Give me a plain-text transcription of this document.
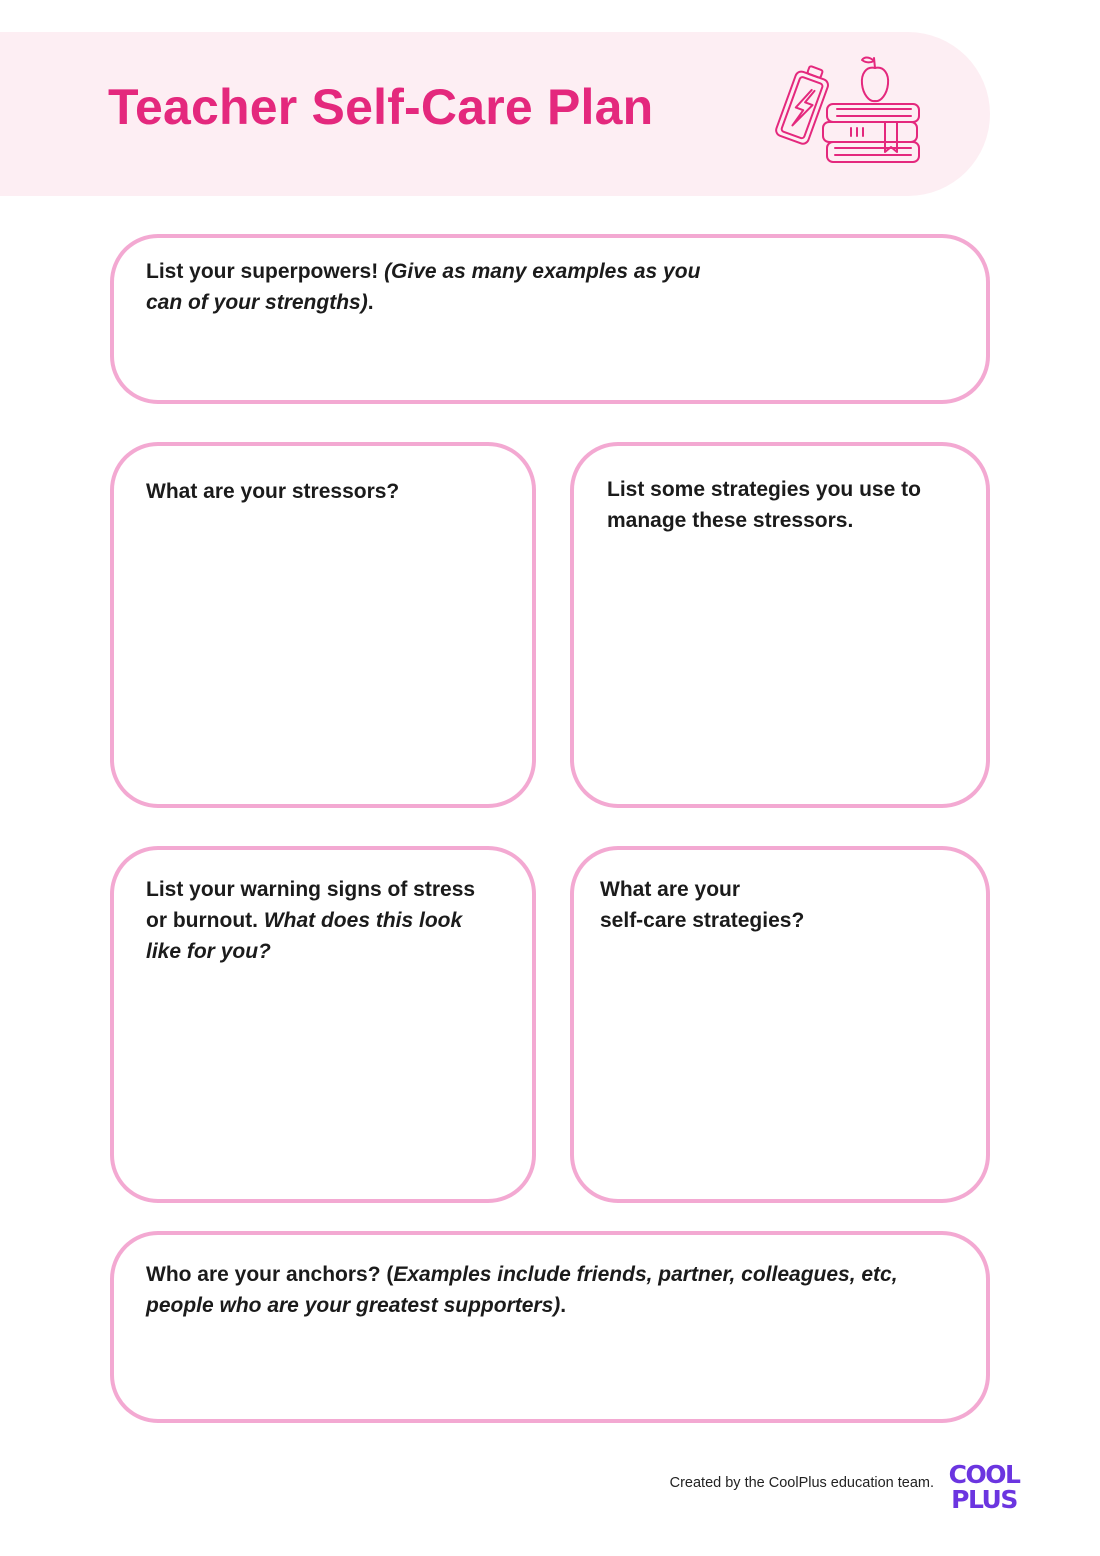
Teacher Self-Care Plan

List your superpowers! (Give as many examples as you
can of your strengths).

What are your stressors?	List some strategies you use to
manage these stressors.

List your warning signs of stress
or burnout. What does this look
like for you?

What are your
self-care strategies?

Who are your anchors? (Examples include friends, partner, colleagues, etc,
people who are your greatest supporters).

Created by the CoolPlus education team. COOL
PLUS
